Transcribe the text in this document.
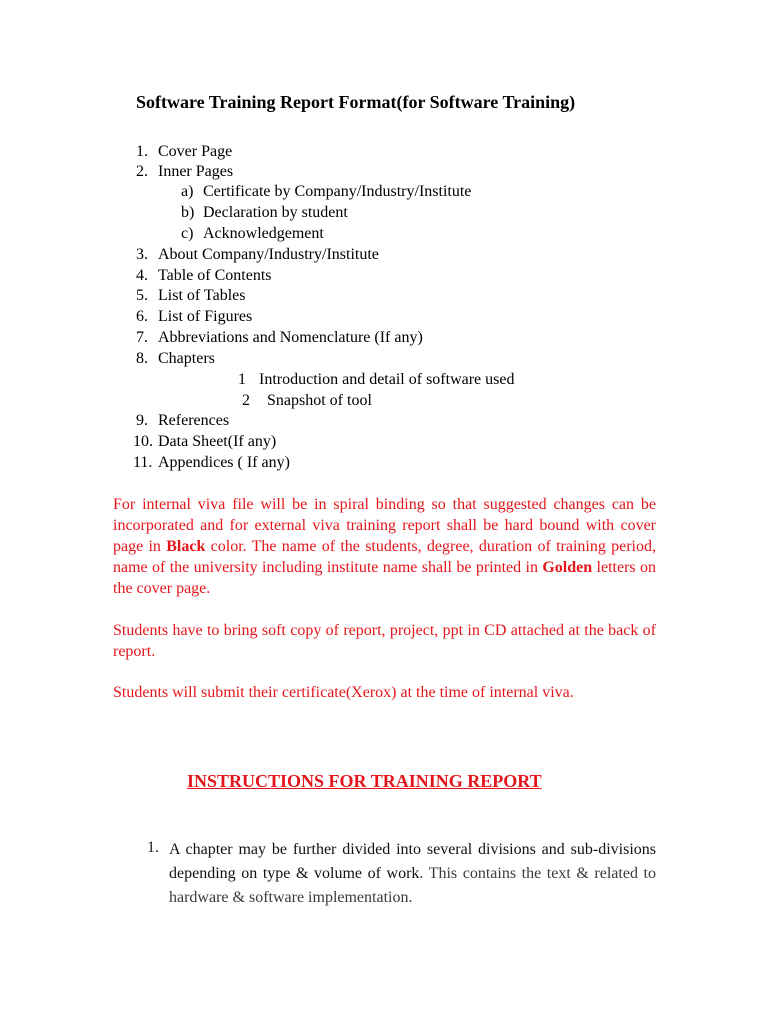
Software Training Report Format(for Software Training)
1. Cover Page
2. Inner Pages
a) Certificate by Company/Industry/Institute
b) Declaration by student
c) Acknowledgement
3. About Company/Industry/Institute
4. Table of Contents
5. List of Tables
6. List of Figures
7. Abbreviations and Nomenclature (If any)
8. Chapters
1 Introduction and detail of software used
2 Snapshot of tool
9. References
10. Data Sheet(If any)
11. Appendices ( If any)
For internal viva file will be in spiral binding so that suggested changes can be incorporated and for external viva training report shall be hard bound with cover page in Black color. The name of the students, degree, duration of training period, name of the university including institute name shall be printed in Golden letters on the cover page.
Students have to bring soft copy of report, project, ppt in CD attached at the back of report.
Students will submit their certificate(Xerox) at the time of internal viva.
INSTRUCTIONS FOR TRAINING REPORT
1. A chapter may be further divided into several divisions and sub-divisions depending on type & volume of work. This contains the text & related to hardware & software implementation.
